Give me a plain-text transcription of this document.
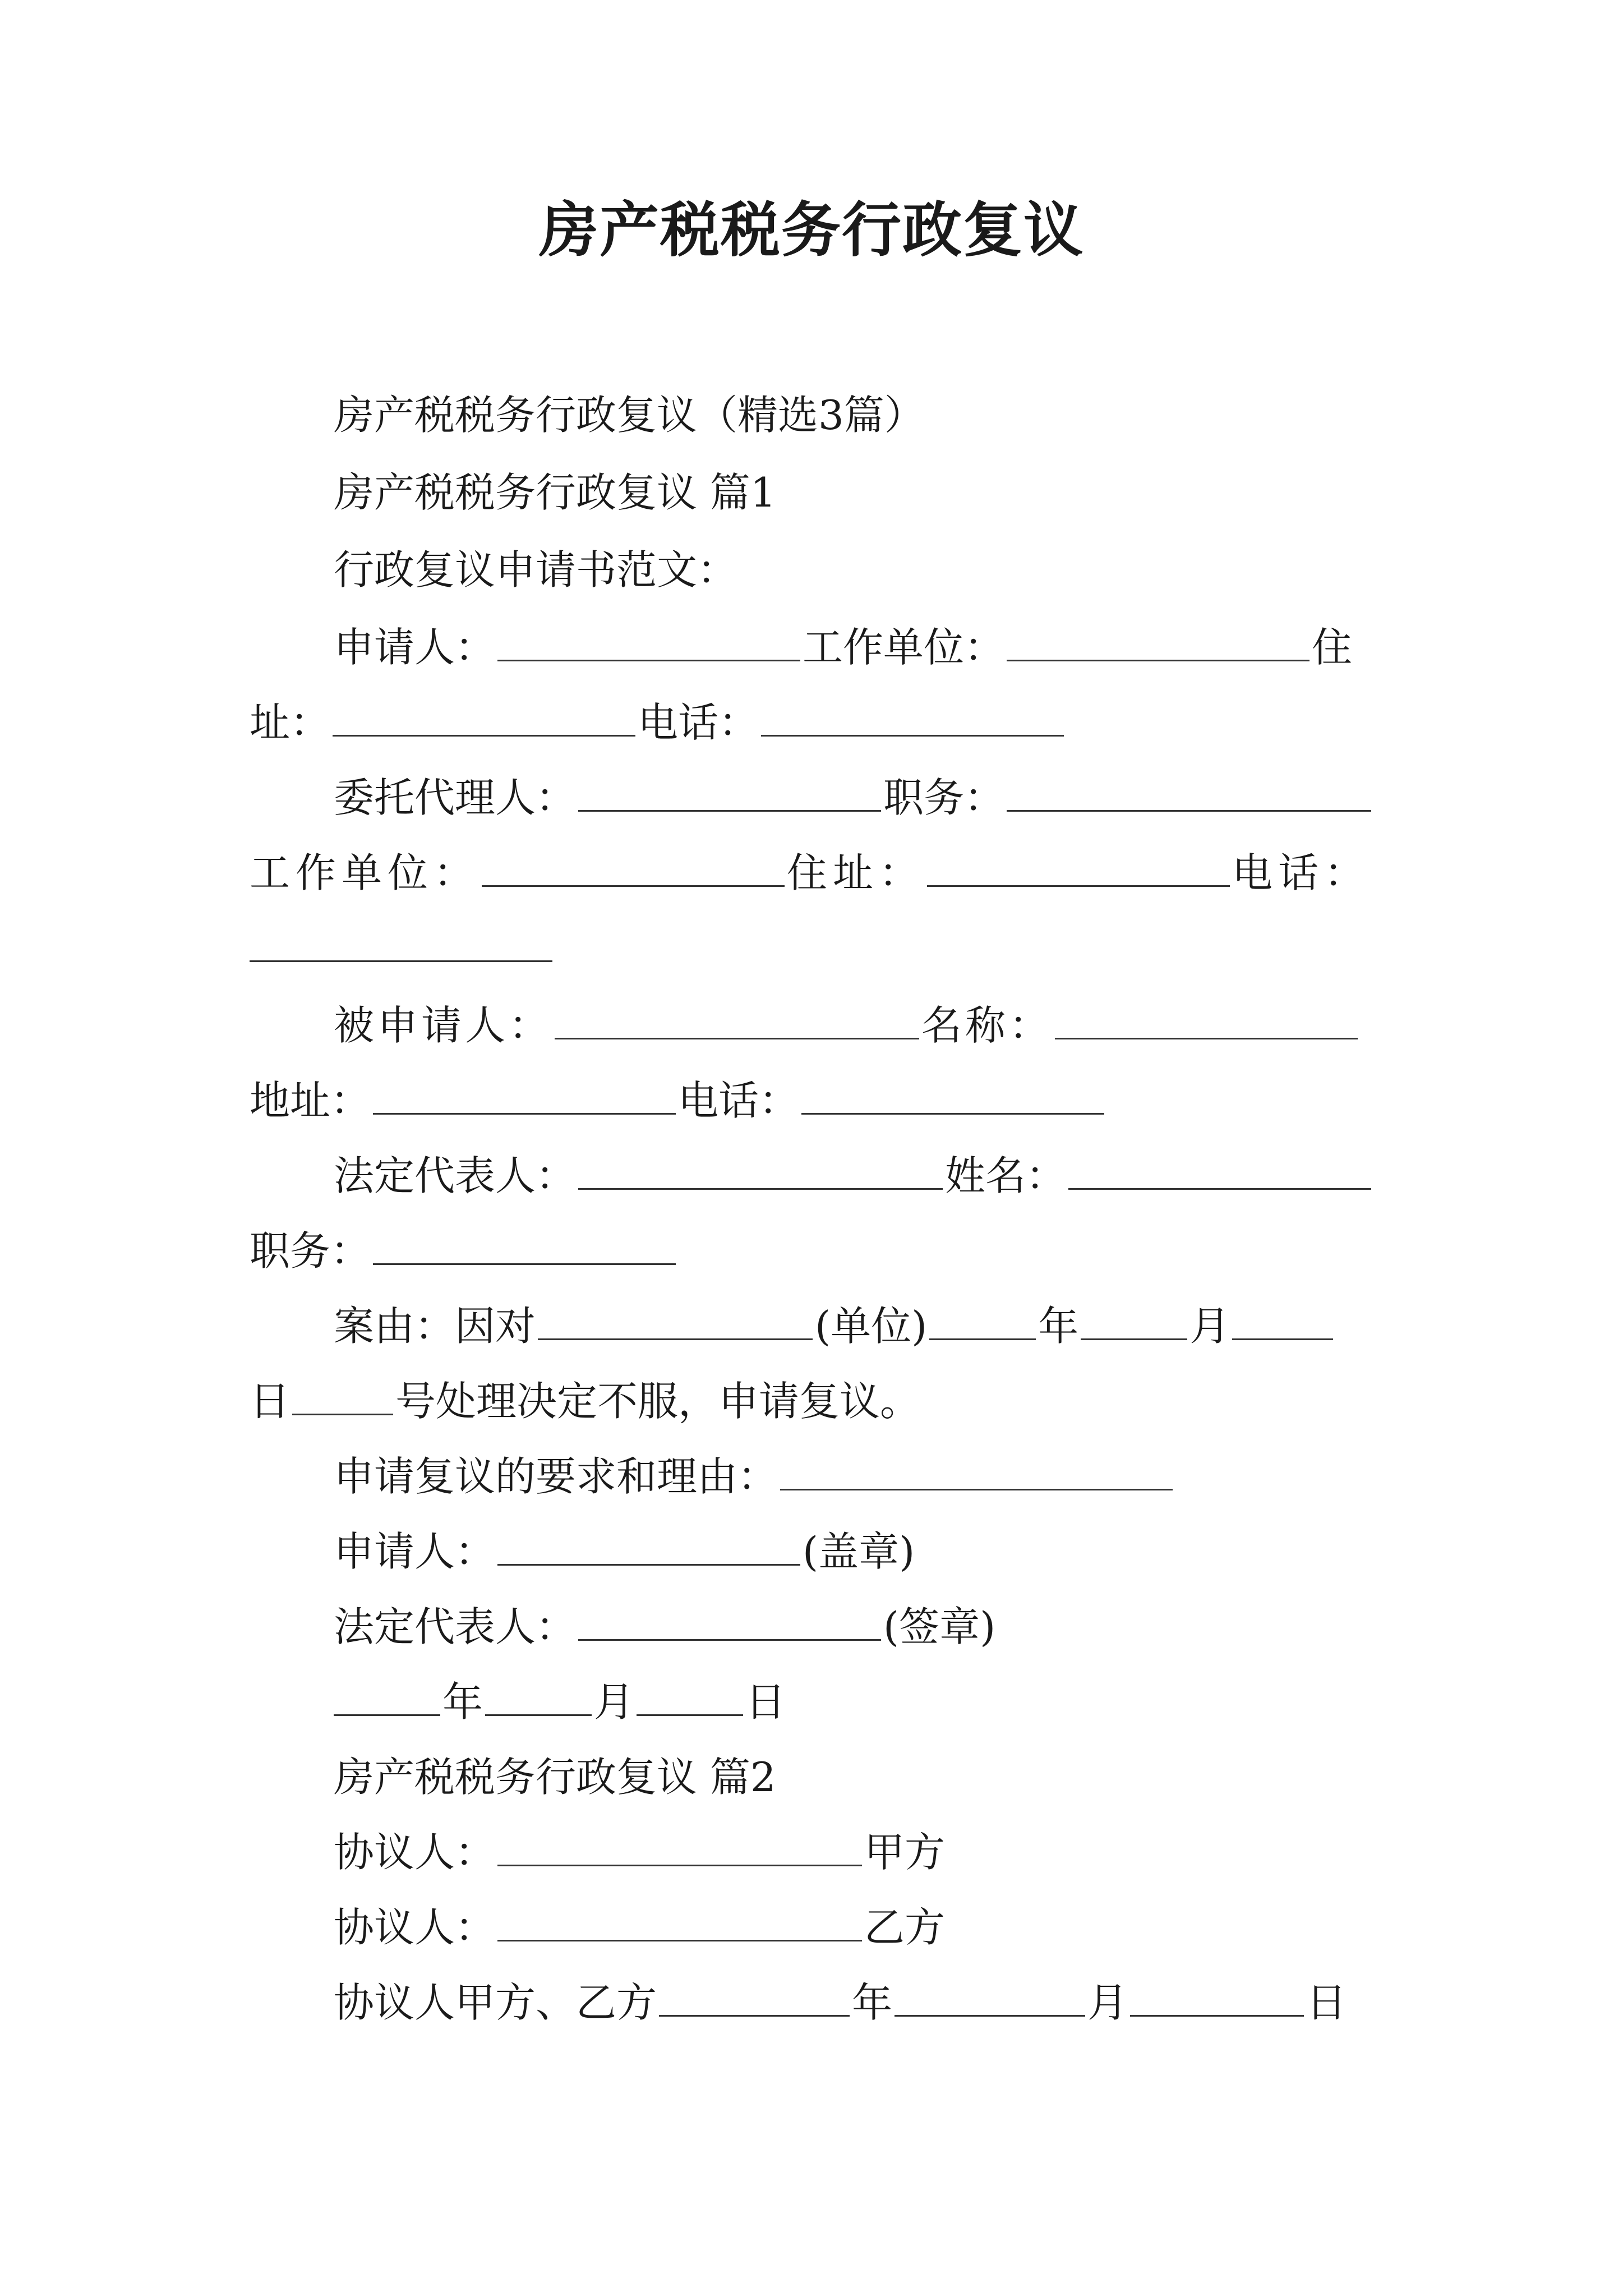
房产税税务行政复议
房产税税务行政复议（精选3篇）
房产税税务行政复议 篇1
行政复议申请书范文：
申请人：	工作单位：	住
址：	电话：
委托代理人：	职务：
工作单位：	住址：	电话：
被申请人：	名称：
地址：	电话：
法定代表人：	姓名：
职务：
案由：因对	(单位)	年	月
日	号处理决定不服，申请复议。
申请复议的要求和理由：
申请人：	(盖章)
法定代表人：	(签章)
年	月	日
房产税税务行政复议 篇2
协议人：	甲方
协议人：	乙方
协议人甲方、乙方	年	月	日
